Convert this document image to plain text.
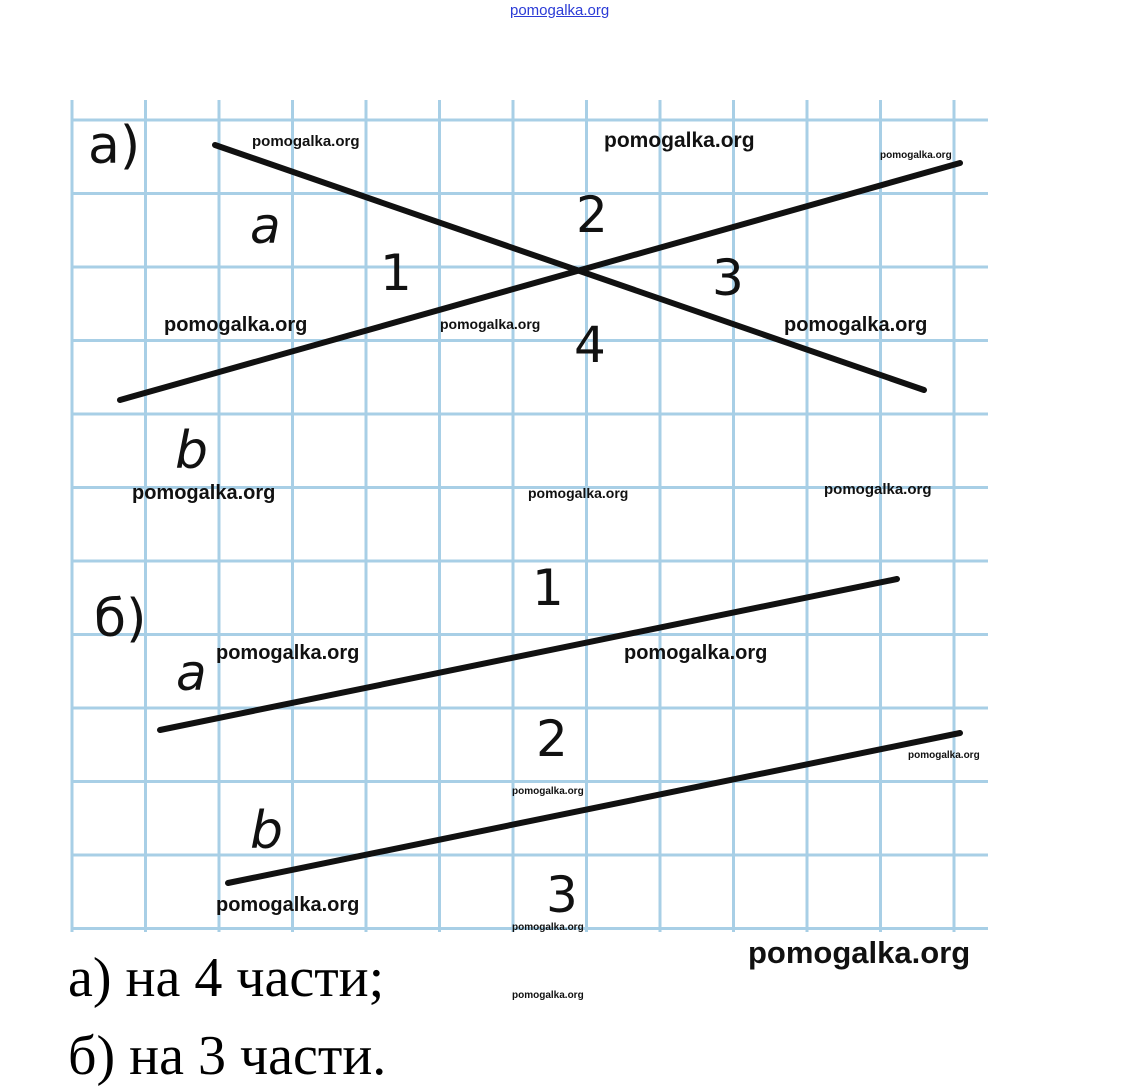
pomogalka.org
а)
a
b
1
2
3
4
б)
a
b
1
2
3
pomogalka.org	pomogalka.org
pomogalka.org
pomogalka.org	pomogalka.org	pomogalka.org
pomogalka.org	pomogalka.org	pomogalka.org
pomogalka.org	pomogalka.org
pomogalka.org
pomogalka.org
pomogalka.org
pomogalka.org
pomogalka.org
pomogalka.org
а) на 4 части;
б) на 3 части.
